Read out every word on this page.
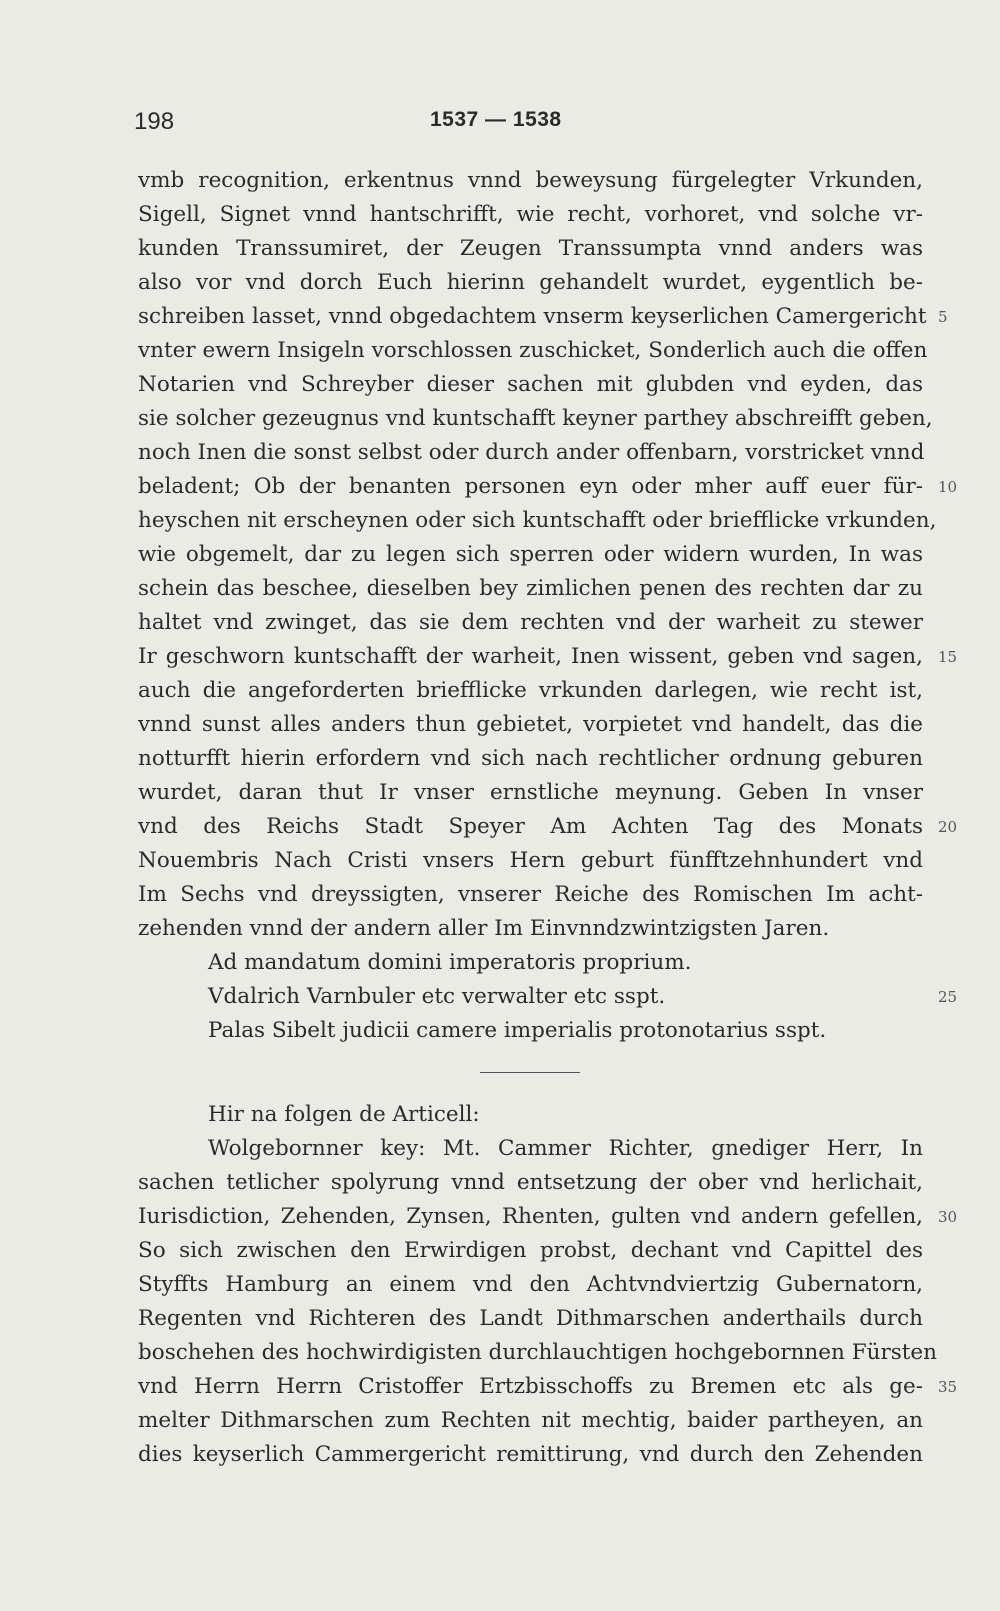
198	1537 — 1538
vmb recognition, erkentnus vnnd beweysung fürgelegter Vrkunden,
Sigell, Signet vnnd hantschrifft, wie recht, vorhoret, vnd solche vr-
kunden Transsumiret, der Zeugen Transsumpta vnnd anders was
also vor vnd dorch Euch hierinn gehandelt wurdet, eygentlich be-
schreiben lasset, vnnd obgedachtem vnserm keyserlichen Camergericht
vnter ewern Insigeln vorschlossen zuschicket, Sonderlich auch die offen
Notarien vnd Schreyber dieser sachen mit glubden vnd eyden, das
sie solcher gezeugnus vnd kuntschafft keyner parthey abschreifft geben,
noch Inen die sonst selbst oder durch ander offenbarn, vorstricket vnnd
beladent; Ob der benanten personen eyn oder mher auff euer für-
heyschen nit erscheynen oder sich kuntschafft oder briefflicke vrkunden,
wie obgemelt, dar zu legen sich sperren oder widern wurden, In was
schein das beschee, dieselben bey zimlichen penen des rechten dar zu
haltet vnd zwinget, das sie dem rechten vnd der warheit zu stewer
Ir geschworn kuntschafft der warheit, Inen wissent, geben vnd sagen,
auch die angeforderten briefflicke vrkunden darlegen, wie recht ist,
vnnd sunst alles anders thun gebietet, vorpietet vnd handelt, das die
notturfft hierin erfordern vnd sich nach rechtlicher ordnung geburen
wurdet, daran thut Ir vnser ernstliche meynung. Geben In vnser
vnd des Reichs Stadt Speyer Am Achten Tag des Monats
Nouembris Nach Cristi vnsers Hern geburt fünfftzehnhundert vnd
Im Sechs vnd dreyssigten, vnserer Reiche des Romischen Im acht-
zehenden vnnd der andern aller Im Einvnndzwintzigsten Jaren.
Ad mandatum domini imperatoris proprium.
Vdalrich Varnbuler etc verwalter etc sspt.
Palas Sibelt judicii camere imperialis protonotarius sspt.
Hir na folgen de Articell:
Wolgebornner key: Mt. Cammer Richter, gnediger Herr, In
sachen tetlicher spolyrung vnnd entsetzung der ober vnd herlichait,
Iurisdiction, Zehenden, Zynsen, Rhenten, gulten vnd andern gefellen,
So sich zwischen den Erwirdigen probst, dechant vnd Capittel des
Styffts Hamburg an einem vnd den Achtvndviertzig Gubernatorn,
Regenten vnd Richteren des Landt Dithmarschen anderthails durch
boschehen des hochwirdigisten durchlauchtigen hochgebornnen Fürsten
vnd Herrn Herrn Cristoffer Ertzbisschoffs zu Bremen etc als ge-
melter Dithmarschen zum Rechten nit mechtig, baider partheyen, an
dies keyserlich Cammergericht remittirung, vnd durch den Zehenden
5
10
15
20
25
30
35
